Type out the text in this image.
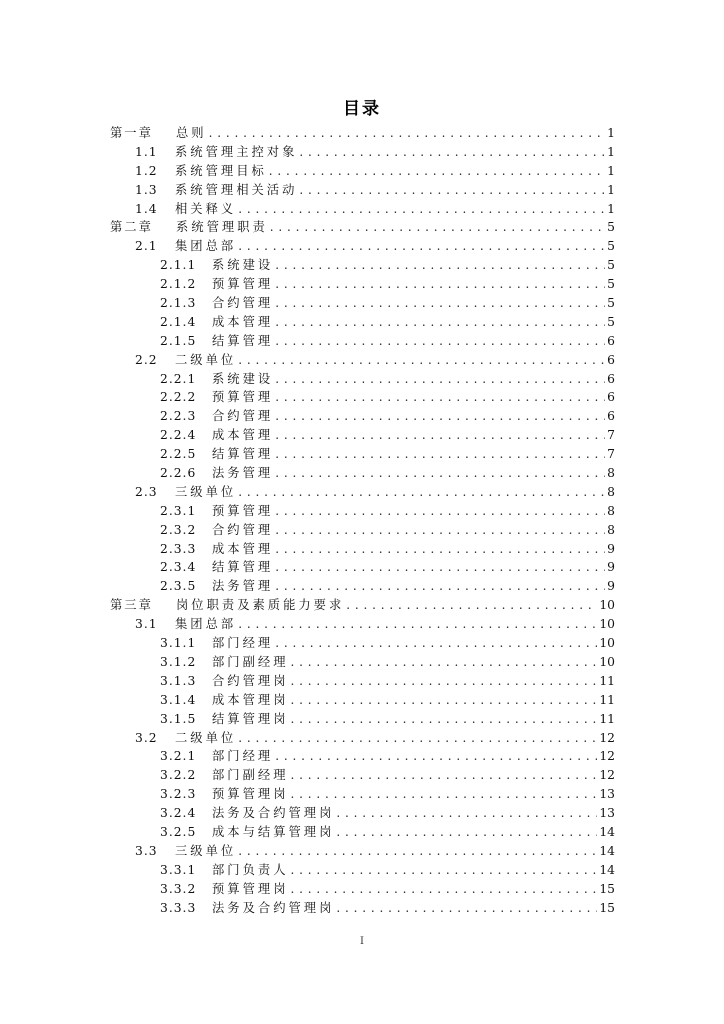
目录
第一章	总则 . . .	1
1.1	系统管理主控对象 . . .	1
1.2	系统管理目标 . . .	1
1.3	系统管理相关活动 . . .	1
1.4	相关释义 . . .	1
第二章	系统管理职责 . . .	5
2.1	集团总部 . . .	5
2.1.1	系统建设 . . .	5
2.1.2	预算管理 . . .	5
2.1.3	合约管理 . . .	5
2.1.4	成本管理 . . .	5
2.1.5	结算管理 . . .	6
2.2	二级单位 . . .	6
2.2.1	系统建设 . . .	6
2.2.2	预算管理 . . .	6
2.2.3	合约管理 . . .	6
2.2.4	成本管理 . . .	7
2.2.5	结算管理 . . .	7
2.2.6	法务管理 . . .	8
2.3	三级单位 . . .	8
2.3.1	预算管理 . . .	8
2.3.2	合约管理 . . .	8
2.3.3	成本管理 . . .	9
2.3.4	结算管理 . . .	9
2.3.5	法务管理 . . .	9
第三章	岗位职责及素质能力要求 . . .	10
3.1	集团总部 . . .	10
3.1.1	部门经理 . . .	10
3.1.2	部门副经理 . . .	10
3.1.3	合约管理岗 . . .	11
3.1.4	成本管理岗 . . .	11
3.1.5	结算管理岗 . . .	11
3.2	二级单位 . . .	12
3.2.1	部门经理 . . .	12
3.2.2	部门副经理 . . .	12
3.2.3	预算管理岗 . . .	13
3.2.4	法务及合约管理岗 . . .	13
3.2.5	成本与结算管理岗 . . .	14
3.3	三级单位 . . .	14
3.3.1	部门负责人 . . .	14
3.3.2	预算管理岗 . . .	15
3.3.3	法务及合约管理岗 . . .	15
I
